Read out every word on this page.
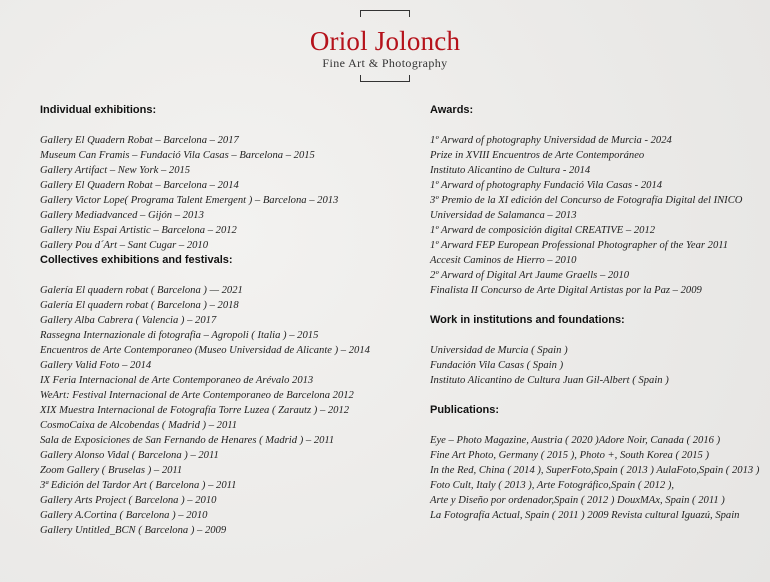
Oriol Jolonch
Fine Art & Photography
Individual exhibitions:
Gallery El Quadern Robat – Barcelona – 2017
Museum Can Framis – Fundació Vila Casas – Barcelona – 2015
Gallery Artifact – New York – 2015
Gallery El Quadern Robat – Barcelona – 2014
Gallery Victor Lope( Programa Talent Emergent ) – Barcelona – 2013
Gallery Mediadvanced – Gijón – 2013
Gallery Niu Espai Artistic – Barcelona – 2012
Gallery Pou d´Art – Sant Cugar – 2010
Collectives exhibitions and festivals:
Galería El quadern robat ( Barcelona ) — 2021
Galería El quadern robat ( Barcelona ) – 2018
Gallery Alba Cabrera ( Valencia ) – 2017
Rassegna Internazionale di fotografia – Agropoli ( Italia ) – 2015
Encuentros de Arte Contemporaneo (Museo Universidad de Alicante ) – 2014
Gallery Valid Foto – 2014
IX Feria Internacional de Arte Contemporaneo de Arévalo 2013
WeArt: Festival Internacional de Arte Contemporaneo de Barcelona 2012
XIX Muestra Internacional de Fotografía Torre Luzea ( Zarautz ) – 2012
CosmoCaixa de Alcobendas ( Madrid ) – 2011
Sala de Exposiciones de San Fernando de Henares ( Madrid ) – 2011
Gallery Alonso Vidal ( Barcelona ) – 2011
Zoom Gallery ( Bruselas ) – 2011
3ª Edición del Tardor Art ( Barcelona ) – 2011
Gallery Arts Project ( Barcelona ) – 2010
Gallery A.Cortina ( Barcelona ) – 2010
Gallery Untitled_BCN ( Barcelona ) – 2009
Awards:
1º Arward of photography Universidad de Murcia - 2024
Prize in XVIII Encuentros de Arte Contemporáneo
Instituto Alicantino de Cultura - 2014
1º Arward of photography Fundació Vila Casas - 2014
3º Premio de la XI edición del Concurso de Fotografía Digital del INICO
Universidad de Salamanca – 2013
1º Arward de composición digital CREATIVE – 2012
1º Arward FEP European Professional Photographer of the Year 2011
Accesit Caminos de Hierro – 2010
2º Arward of Digital Art Jaume Graells – 2010
Finalista II Concurso de Arte Digital Artistas por la Paz – 2009
Work in institutions and foundations:
Universidad de Murcia ( Spain )
Fundación Vila Casas ( Spain )
Instituto Alicantino de Cultura Juan Gil-Albert ( Spain )
Publications:
Eye – Photo Magazine, Austria ( 2020 )Adore Noir, Canada ( 2016 )
Fine Art Photo, Germany ( 2015 ), Photo +, South Korea ( 2015 )
In the Red, China ( 2014 ), SuperFoto,Spain ( 2013 ) AulaFoto,Spain ( 2013 )
Foto Cult, Italy ( 2013 ), Arte Fotográfico,Spain ( 2012 ),
Arte y Diseño por ordenador,Spain ( 2012 ) DouxMAx, Spain ( 2011 )
La Fotografía Actual, Spain ( 2011 ) 2009 Revista cultural Iguazú, Spain
